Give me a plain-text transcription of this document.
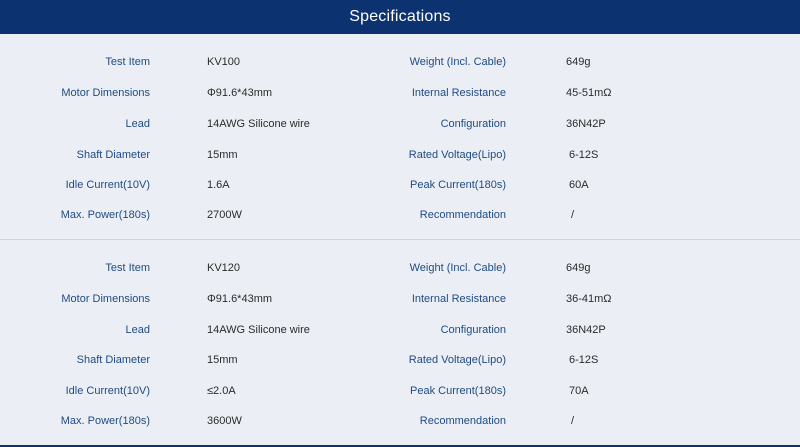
Specifications
Test Item	KV100	Weight (Incl. Cable)	649g
Motor Dimensions	Φ91.6*43mm	Internal Resistance	45-51mΩ
Lead	14AWG Silicone wire	Configuration	36N42P
Shaft Diameter	15mm	Rated Voltage(Lipo)	6-12S
Idle Current(10V)	1.6A	Peak Current(180s)	60A
Max. Power(180s)	2700W	Recommendation	/
Test Item	KV120	Weight (Incl. Cable)	649g
Motor Dimensions	Φ91.6*43mm	Internal Resistance	36-41mΩ
Lead	14AWG Silicone wire	Configuration	36N42P
Shaft Diameter	15mm	Rated Voltage(Lipo)	6-12S
Idle Current(10V)	≤2.0A	Peak Current(180s)	70A
Max. Power(180s)	3600W	Recommendation	/
